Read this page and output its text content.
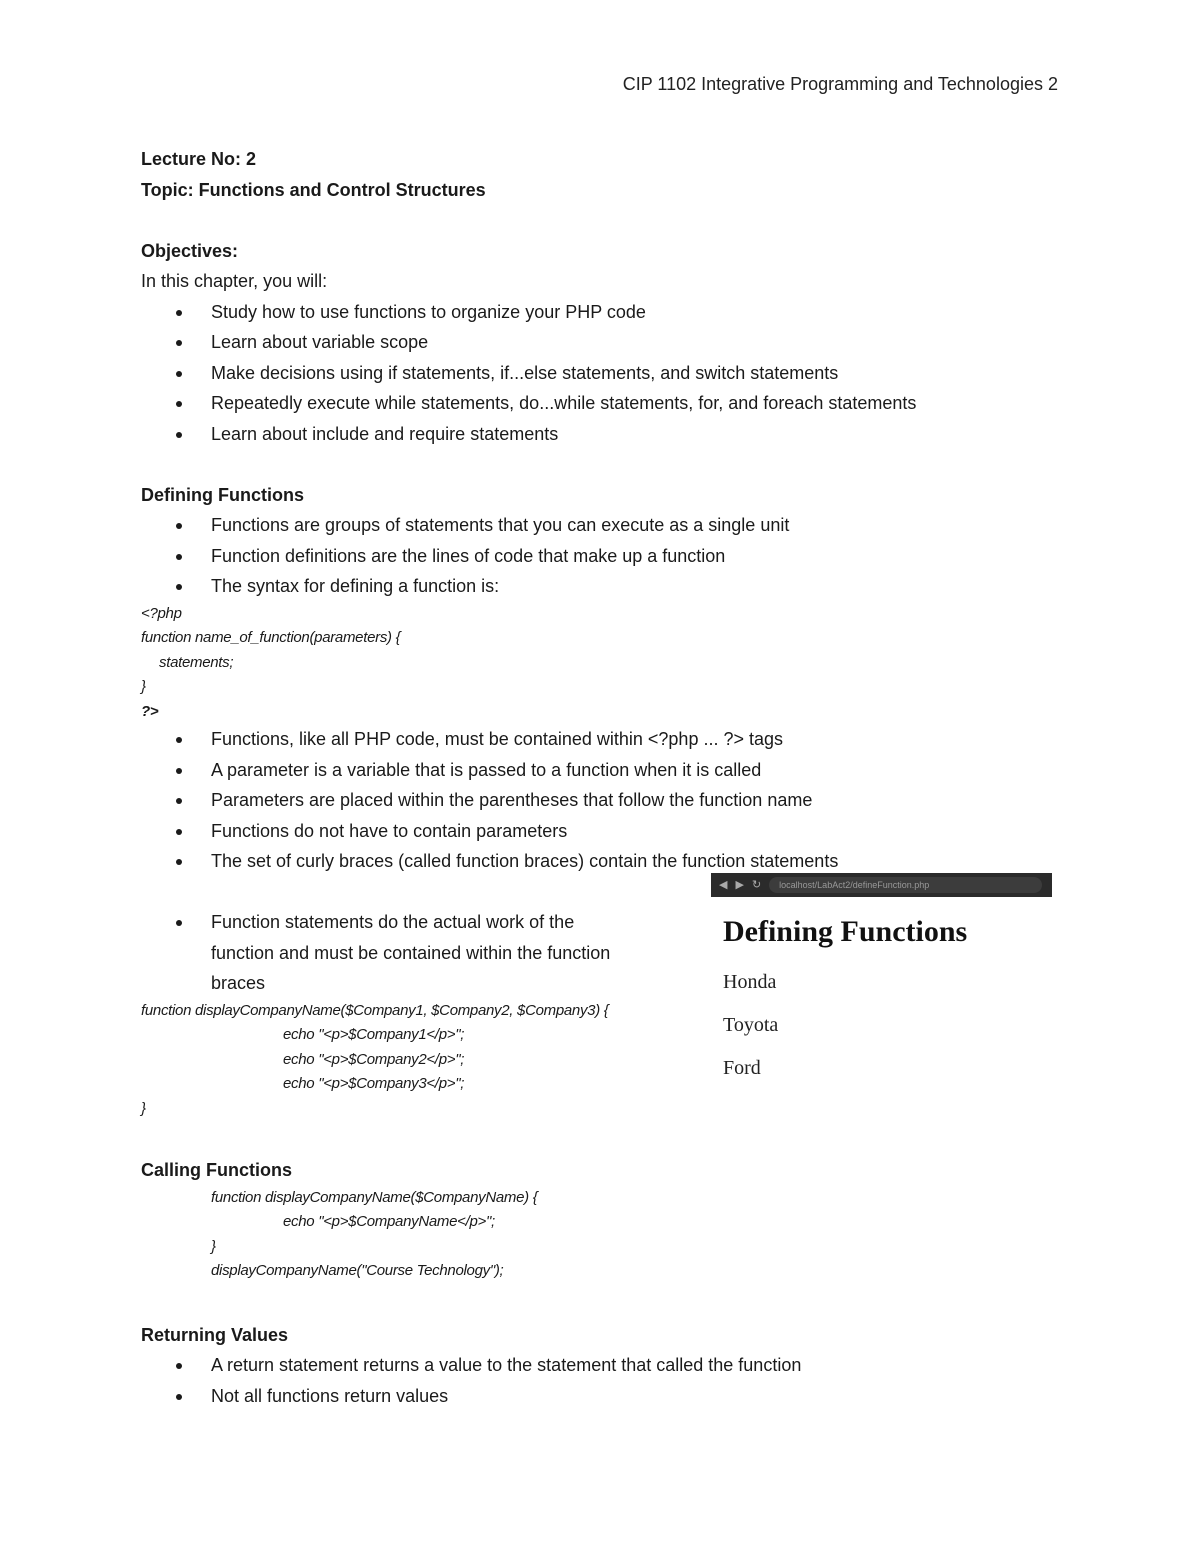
CIP 1102 Integrative Programming and Technologies 2
Lecture No: 2
Topic: Functions and Control Structures
Objectives:
In this chapter, you will:
Study how to use functions to organize your PHP code
Learn about variable scope
Make decisions using if statements, if...else statements, and switch statements
Repeatedly execute while statements, do...while statements, for, and foreach statements
Learn about include and require statements
Defining Functions
Functions are groups of statements that you can execute as a single unit
Function definitions are the lines of code that make up a function
The syntax for defining a function is:
<?php
function name_of_function(parameters) {
statements;
}
?>
Functions, like all PHP code, must be contained within <?php ... ?> tags
A parameter is a variable that is passed to a function when it is called
Parameters are placed within the parentheses that follow the function name
Functions do not have to contain parameters
The set of curly braces (called function braces) contain the function statements
Function statements do the actual work of the function and must be contained within the function braces
function displayCompanyName($Company1, $Company2, $Company3) {
echo "<p>$Company1</p>";
echo "<p>$Company2</p>";
echo "<p>$Company3</p>";
}
Calling Functions
function displayCompanyName($CompanyName) {
echo "<p>$CompanyName</p>";
}
displayCompanyName("Course Technology");
Returning Values
A return statement returns a value to the statement that called the function
Not all functions return values
◀ ▶ ↻	localhost/LabAct2/defineFunction.php
Defining Functions
Honda
Toyota
Ford
